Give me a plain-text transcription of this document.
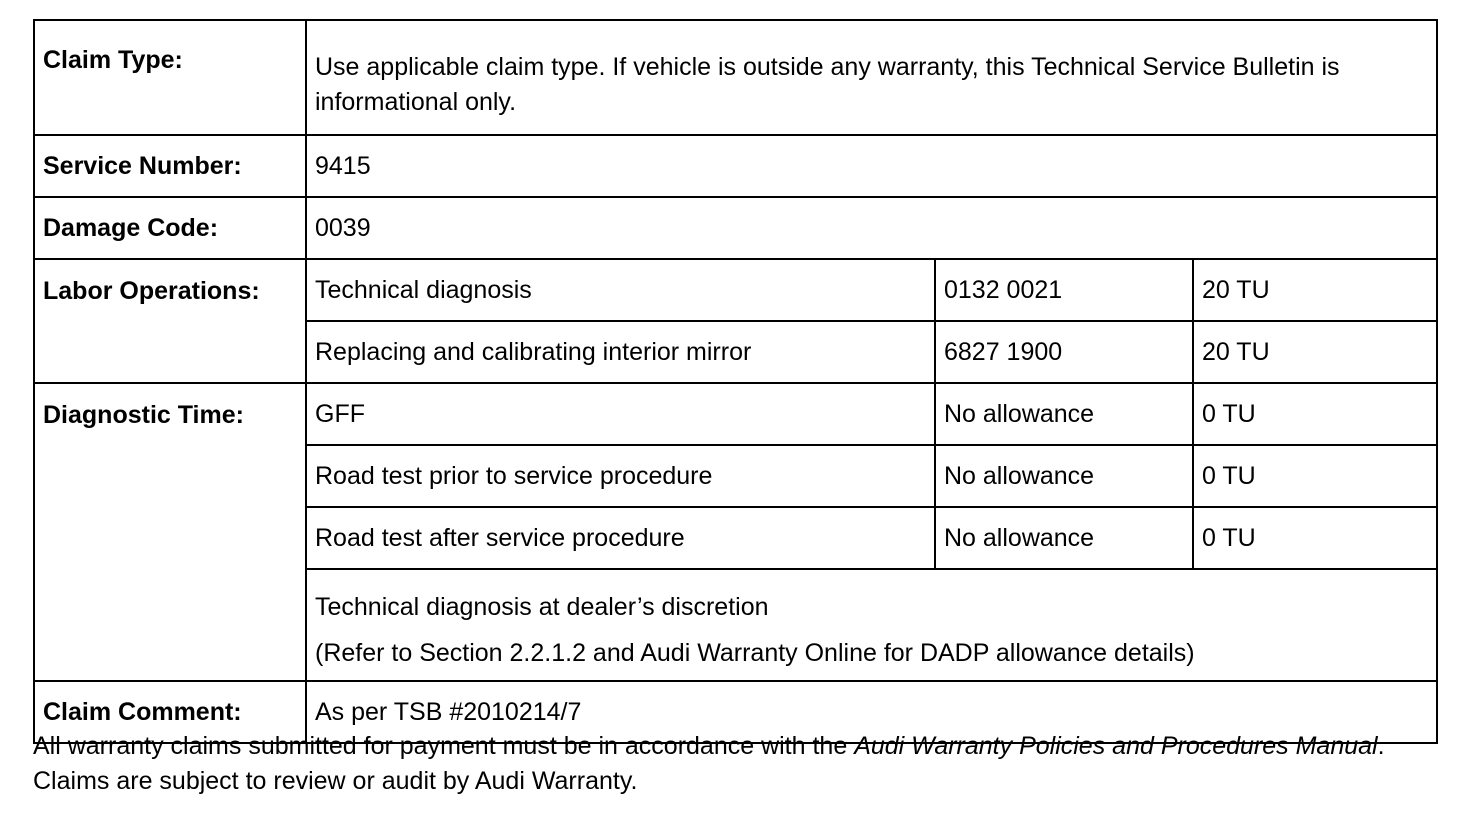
Claim Type:	Use applicable claim type. If vehicle is outside any warranty, this Technical Service Bulletin is informational only.		
Service Number:	9415		
Damage Code:	0039		
Labor Operations:	Technical diagnosis	0132 0021	20 TU
	Replacing and calibrating interior mirror	6827 1900	20 TU
Diagnostic Time:	GFF	No allowance	0 TU
	Road test prior to service procedure	No allowance	0 TU
	Road test after service procedure	No allowance	0 TU

	Technical diagnosis at dealer’s discretion
(Refer to Section 2.2.1.2 and Audi Warranty Online for DADP allowance details)		

Claim Comment:	As per TSB #2010214/7		

All warranty claims submitted for payment must be in accordance with the Audi Warranty Policies and Procedures Manual. Claims are subject to review or audit by Audi Warranty.
